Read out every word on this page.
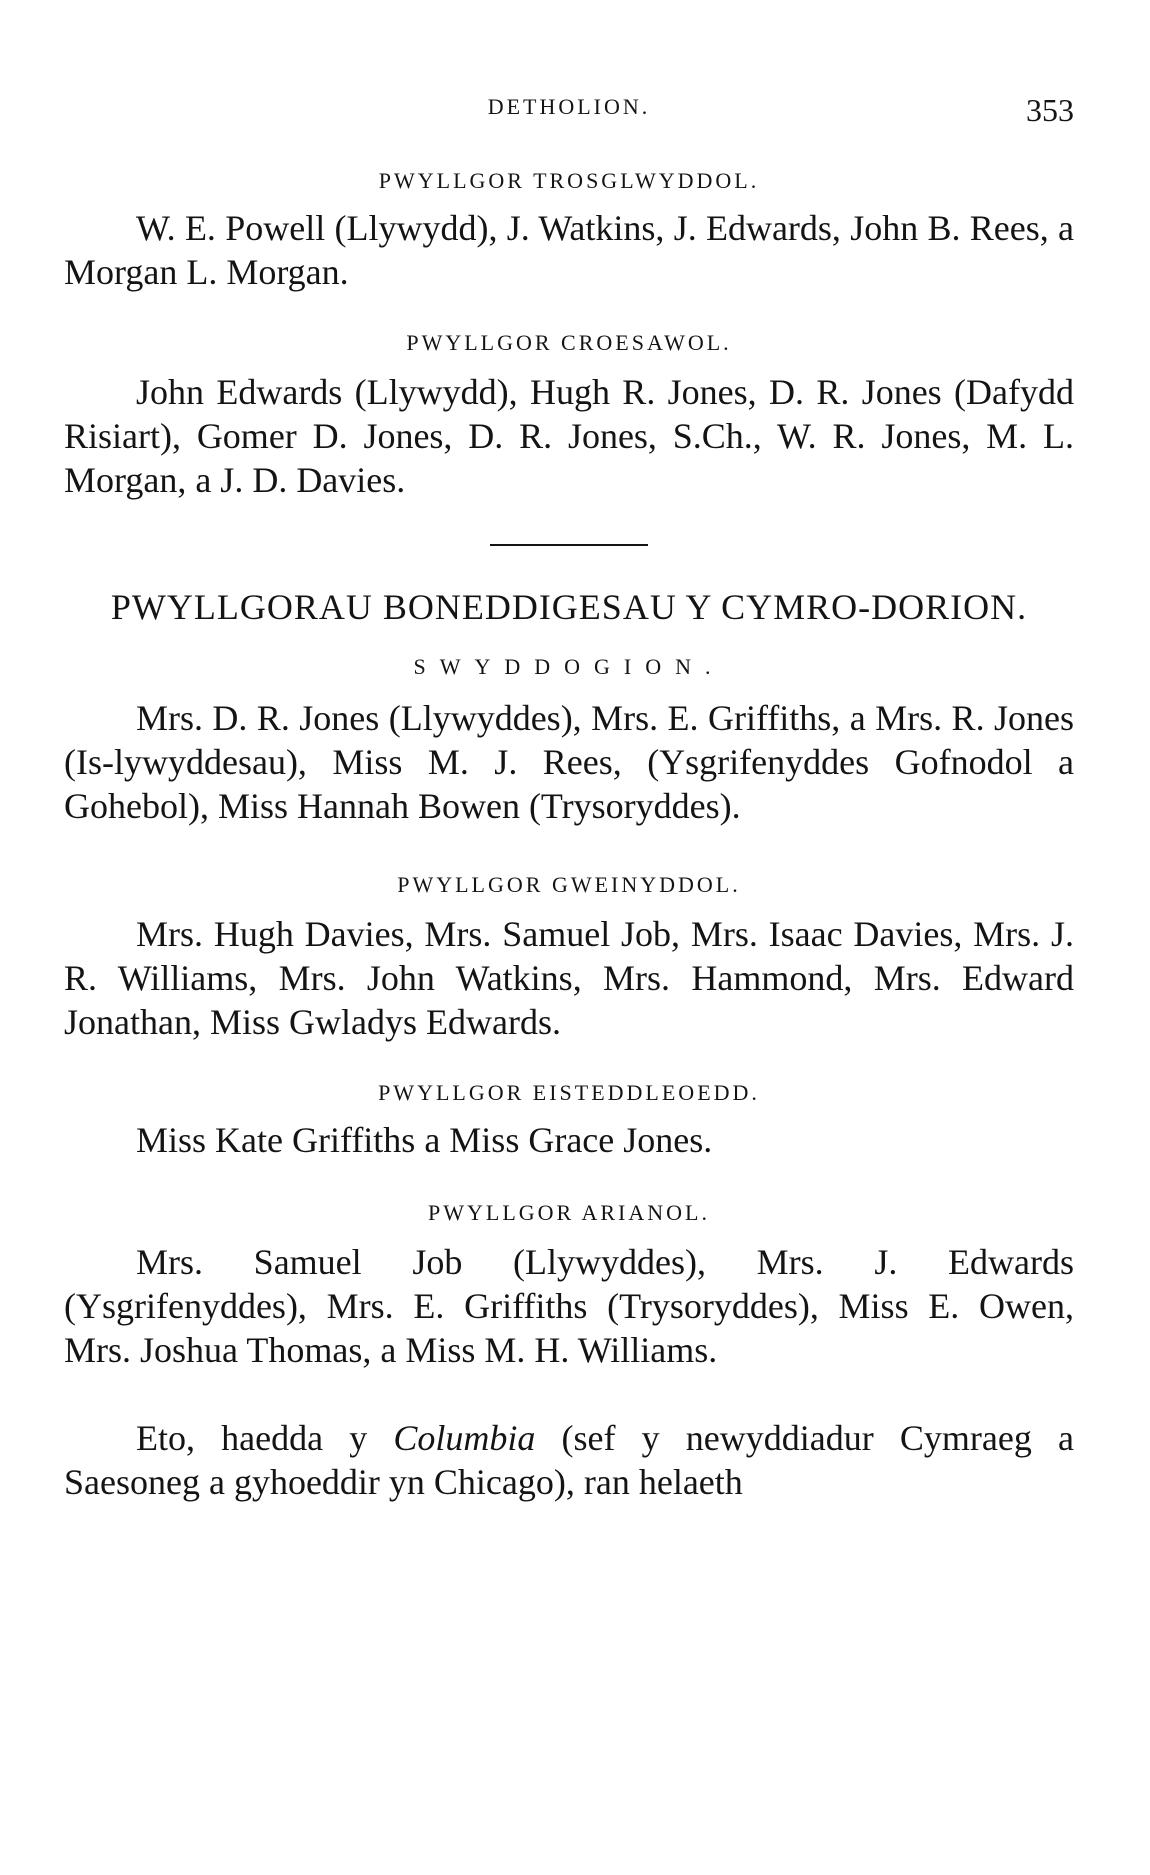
DETHOLION.	353

PWYLLGOR TROSGLWYDDOL.

W. E. Powell (Llywydd), J. Watkins, J. Edwards, John B. Rees, a Morgan L. Morgan.

PWYLLGOR CROESAWOL.

John Edwards (Llywydd), Hugh R. Jones, D. R. Jones (Dafydd Risiart), Gomer D. Jones, D. R. Jones, S.Ch., W. R. Jones, M. L. Morgan, a J. D. Davies.

PWYLLGORAU BONEDDIGESAU Y CYMRO-DORION.

SWYDDOGION.

Mrs. D. R. Jones (Llywyddes), Mrs. E. Griffiths, a Mrs. R. Jones (Is-lywyddesau), Miss M. J. Rees, (Ysgrifenyddes Gofnodol a Gohebol), Miss Hannah Bowen (Trysoryddes).

PWYLLGOR GWEINYDDOL.

Mrs. Hugh Davies, Mrs. Samuel Job, Mrs. Isaac Davies, Mrs. J. R. Williams, Mrs. John Watkins, Mrs. Hammond, Mrs. Edward Jonathan, Miss Gwladys Edwards.

PWYLLGOR EISTEDDLEOEDD.

Miss Kate Griffiths a Miss Grace Jones.

PWYLLGOR ARIANOL.

Mrs. Samuel Job (Llywyddes), Mrs. J. Edwards (Ysgrifenyddes), Mrs. E. Griffiths (Trysoryddes), Miss E. Owen, Mrs. Joshua Thomas, a Miss M. H. Williams.

Eto, haedda y Columbia (sef y newyddiadur Cymraeg a Saesoneg a gyhoeddir yn Chicago), ran helaeth
